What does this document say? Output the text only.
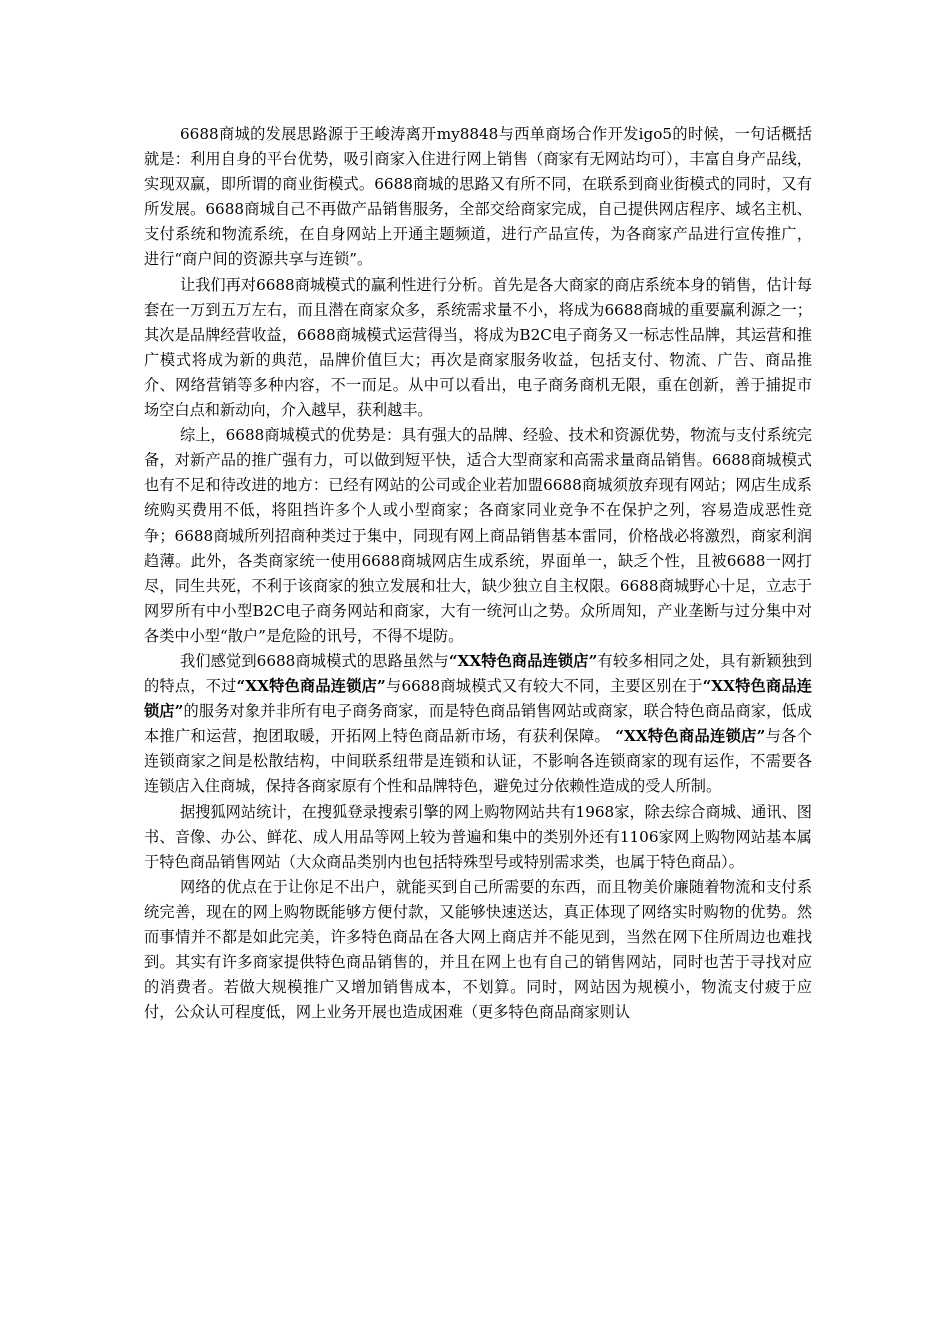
6688商城的发展思路源于王峻涛离开my8848与西单商场合作开发igo5的时候，一句话概括就是：利用自身的平台优势，吸引商家入住进行网上销售（商家有无网站均可），丰富自身产品线，实现双赢，即所谓的商业街模式。6688商城的思路又有所不同，在联系到商业街模式的同时，又有所发展。6688商城自己不再做产品销售服务，全部交给商家完成，自己提供网店程序、域名主机、支付系统和物流系统，在自身网站上开通主题频道，进行产品宣传，为各商家产品进行宣传推广，进行“商户间的资源共享与连锁”。

让我们再对6688商城模式的赢利性进行分析。首先是各大商家的商店系统本身的销售，估计每套在一万到五万左右，而且潜在商家众多，系统需求量不小，将成为6688商城的重要赢利源之一；其次是品牌经营收益，6688商城模式运营得当，将成为B2C电子商务又一标志性品牌，其运营和推广模式将成为新的典范，品牌价值巨大；再次是商家服务收益，包括支付、物流、广告、商品推介、网络营销等多种内容，不一而足。从中可以看出，电子商务商机无限，重在创新，善于捕捉市场空白点和新动向，介入越早，获利越丰。

综上，6688商城模式的优势是：具有强大的品牌、经验、技术和资源优势，物流与支付系统完备，对新产品的推广强有力，可以做到短平快，适合大型商家和高需求量商品销售。6688商城模式也有不足和待改进的地方：已经有网站的公司或企业若加盟6688商城须放弃现有网站；网店生成系统购买费用不低，将阻挡许多个人或小型商家；各商家同业竞争不在保护之列，容易造成恶性竞争；6688商城所列招商种类过于集中，同现有网上商品销售基本雷同，价格战必将激烈，商家利润趋薄。此外，各类商家统一使用6688商城网店生成系统，界面单一，缺乏个性，且被6688一网打尽，同生共死，不利于该商家的独立发展和壮大，缺少独立自主权限。6688商城野心十足，立志于网罗所有中小型B2C电子商务网站和商家，大有一统河山之势。众所周知，产业垄断与过分集中对各类中小型“散户”是危险的讯号，不得不堤防。

我们感觉到6688商城模式的思路虽然与“XX特色商品连锁店”有较多相同之处，具有新颖独到的特点，不过“XX特色商品连锁店”与6688商城模式又有较大不同，主要区别在于“XX特色商品连锁店”的服务对象并非所有电子商务商家，而是特色商品销售网站或商家，联合特色商品商家，低成本推广和运营，抱团取暖，开拓网上特色商品新市场，有获利保障。 “XX特色商品连锁店”与各个连锁商家之间是松散结构，中间联系纽带是连锁和认证，不影响各连锁商家的现有运作，不需要各连锁店入住商城，保持各商家原有个性和品牌特色，避免过分依赖性造成的受人所制。

据搜狐网站统计，在搜狐登录搜索引擎的网上购物网站共有1968家，除去综合商城、通讯、图书、音像、办公、鲜花、成人用品等网上较为普遍和集中的类别外还有1106家网上购物网站基本属于特色商品销售网站（大众商品类别内也包括特殊型号或特别需求类，也属于特色商品）。

网络的优点在于让你足不出户，就能买到自己所需要的东西，而且物美价廉随着物流和支付系统完善，现在的网上购物既能够方便付款，又能够快速送达，真正体现了网络实时购物的优势。然而事情并不都是如此完美，许多特色商品在各大网上商店并不能见到，当然在网下住所周边也难找到。其实有许多商家提供特色商品销售的，并且在网上也有自己的销售网站，同时也苦于寻找对应的消费者。若做大规模推广又增加销售成本，不划算。同时，网站因为规模小，物流支付疲于应付，公众认可程度低，网上业务开展也造成困难（更多特色商品商家则认
